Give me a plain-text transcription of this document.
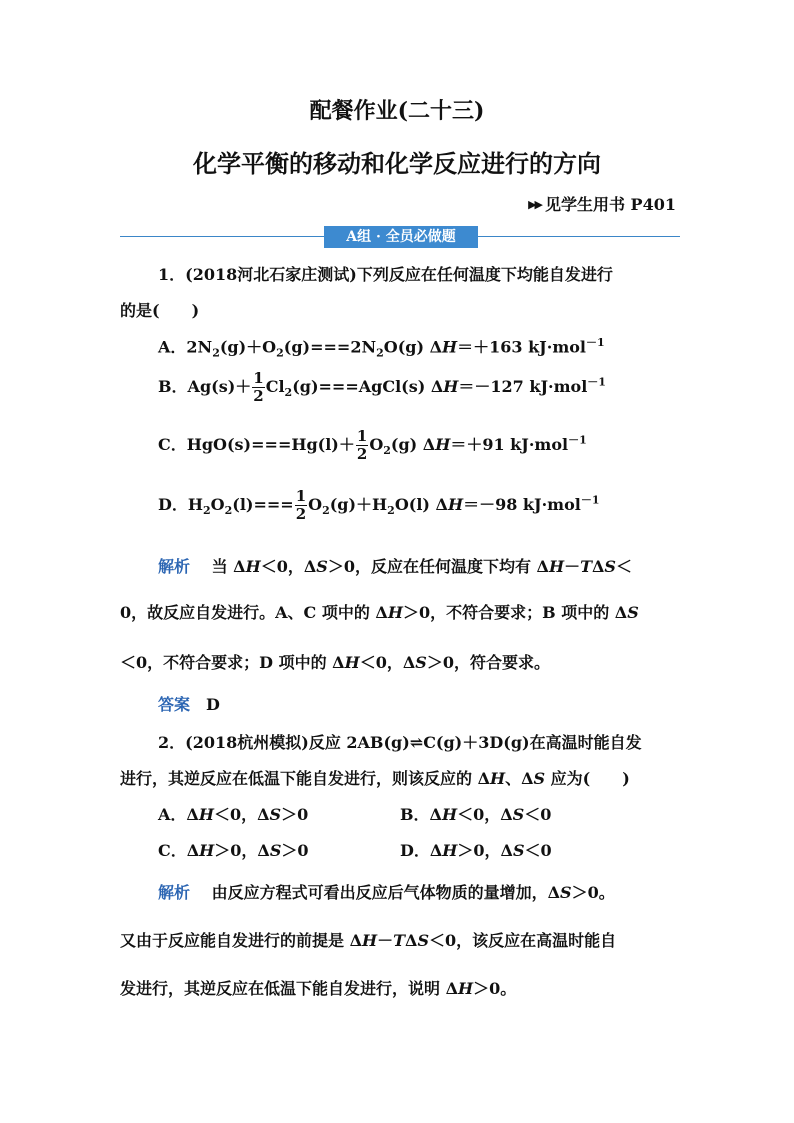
配餐作业(二十三)
化学平衡的移动和化学反应进行的方向
▶▶ 见学生用书 P401
A组 · 全员必做题
1．(2018河北石家庄测试)下列反应在任何温度下均能自发进行
的是(　　)
A．$2N_2(g)+O_2(g)===2N_2O(g)$ ΔH＝＋163 kJ·mol$^{-1}$
B．$Ag(s)+ \frac{1}{2}$ $Cl_2(g)===AgCl(s)$ ΔH＝－127 kJ·mol$^{-1}$
C．$HgO(s)===Hg(l)+ \frac{1}{2} O_2(g)$ ΔH＝＋91 kJ·mol$^{-1}$
D．$H_2O_2(l)=== \frac{1}{2} O_2(g)+H_2O(l)$ ΔH＝－98 kJ·mol$^{-1}$
解析　 当 ΔH＜0，ΔS＞0，反应在任何温度下均有 ΔH－TΔS＜
0，故反应自发进行。A、C 项中的 ΔH＞0，不符合要求；B 项中的 ΔS
＜0，不符合要求；D 项中的 ΔH＜0，ΔS＞0，符合要求。
答案　 D
2．(2018杭州模拟)反应 2AB(g)⇌C(g)＋3D(g)在高温时能自发
进行，其逆反应在低温下能自发进行，则该反应的 ΔH、ΔS 应为(　　)
A．ΔH＜0，ΔS＞0	B．ΔH＜0，ΔS＜0
C．ΔH＞0，ΔS＞0	D．ΔH＞0，ΔS＜0
解析　 由反应方程式可看出反应后气体物质的量增加，ΔS＞0。
又由于反应能自发进行的前提是 ΔH－TΔS＜0，该反应在高温时能自
发进行，其逆反应在低温下能自发进行，说明 ΔH＞0。
